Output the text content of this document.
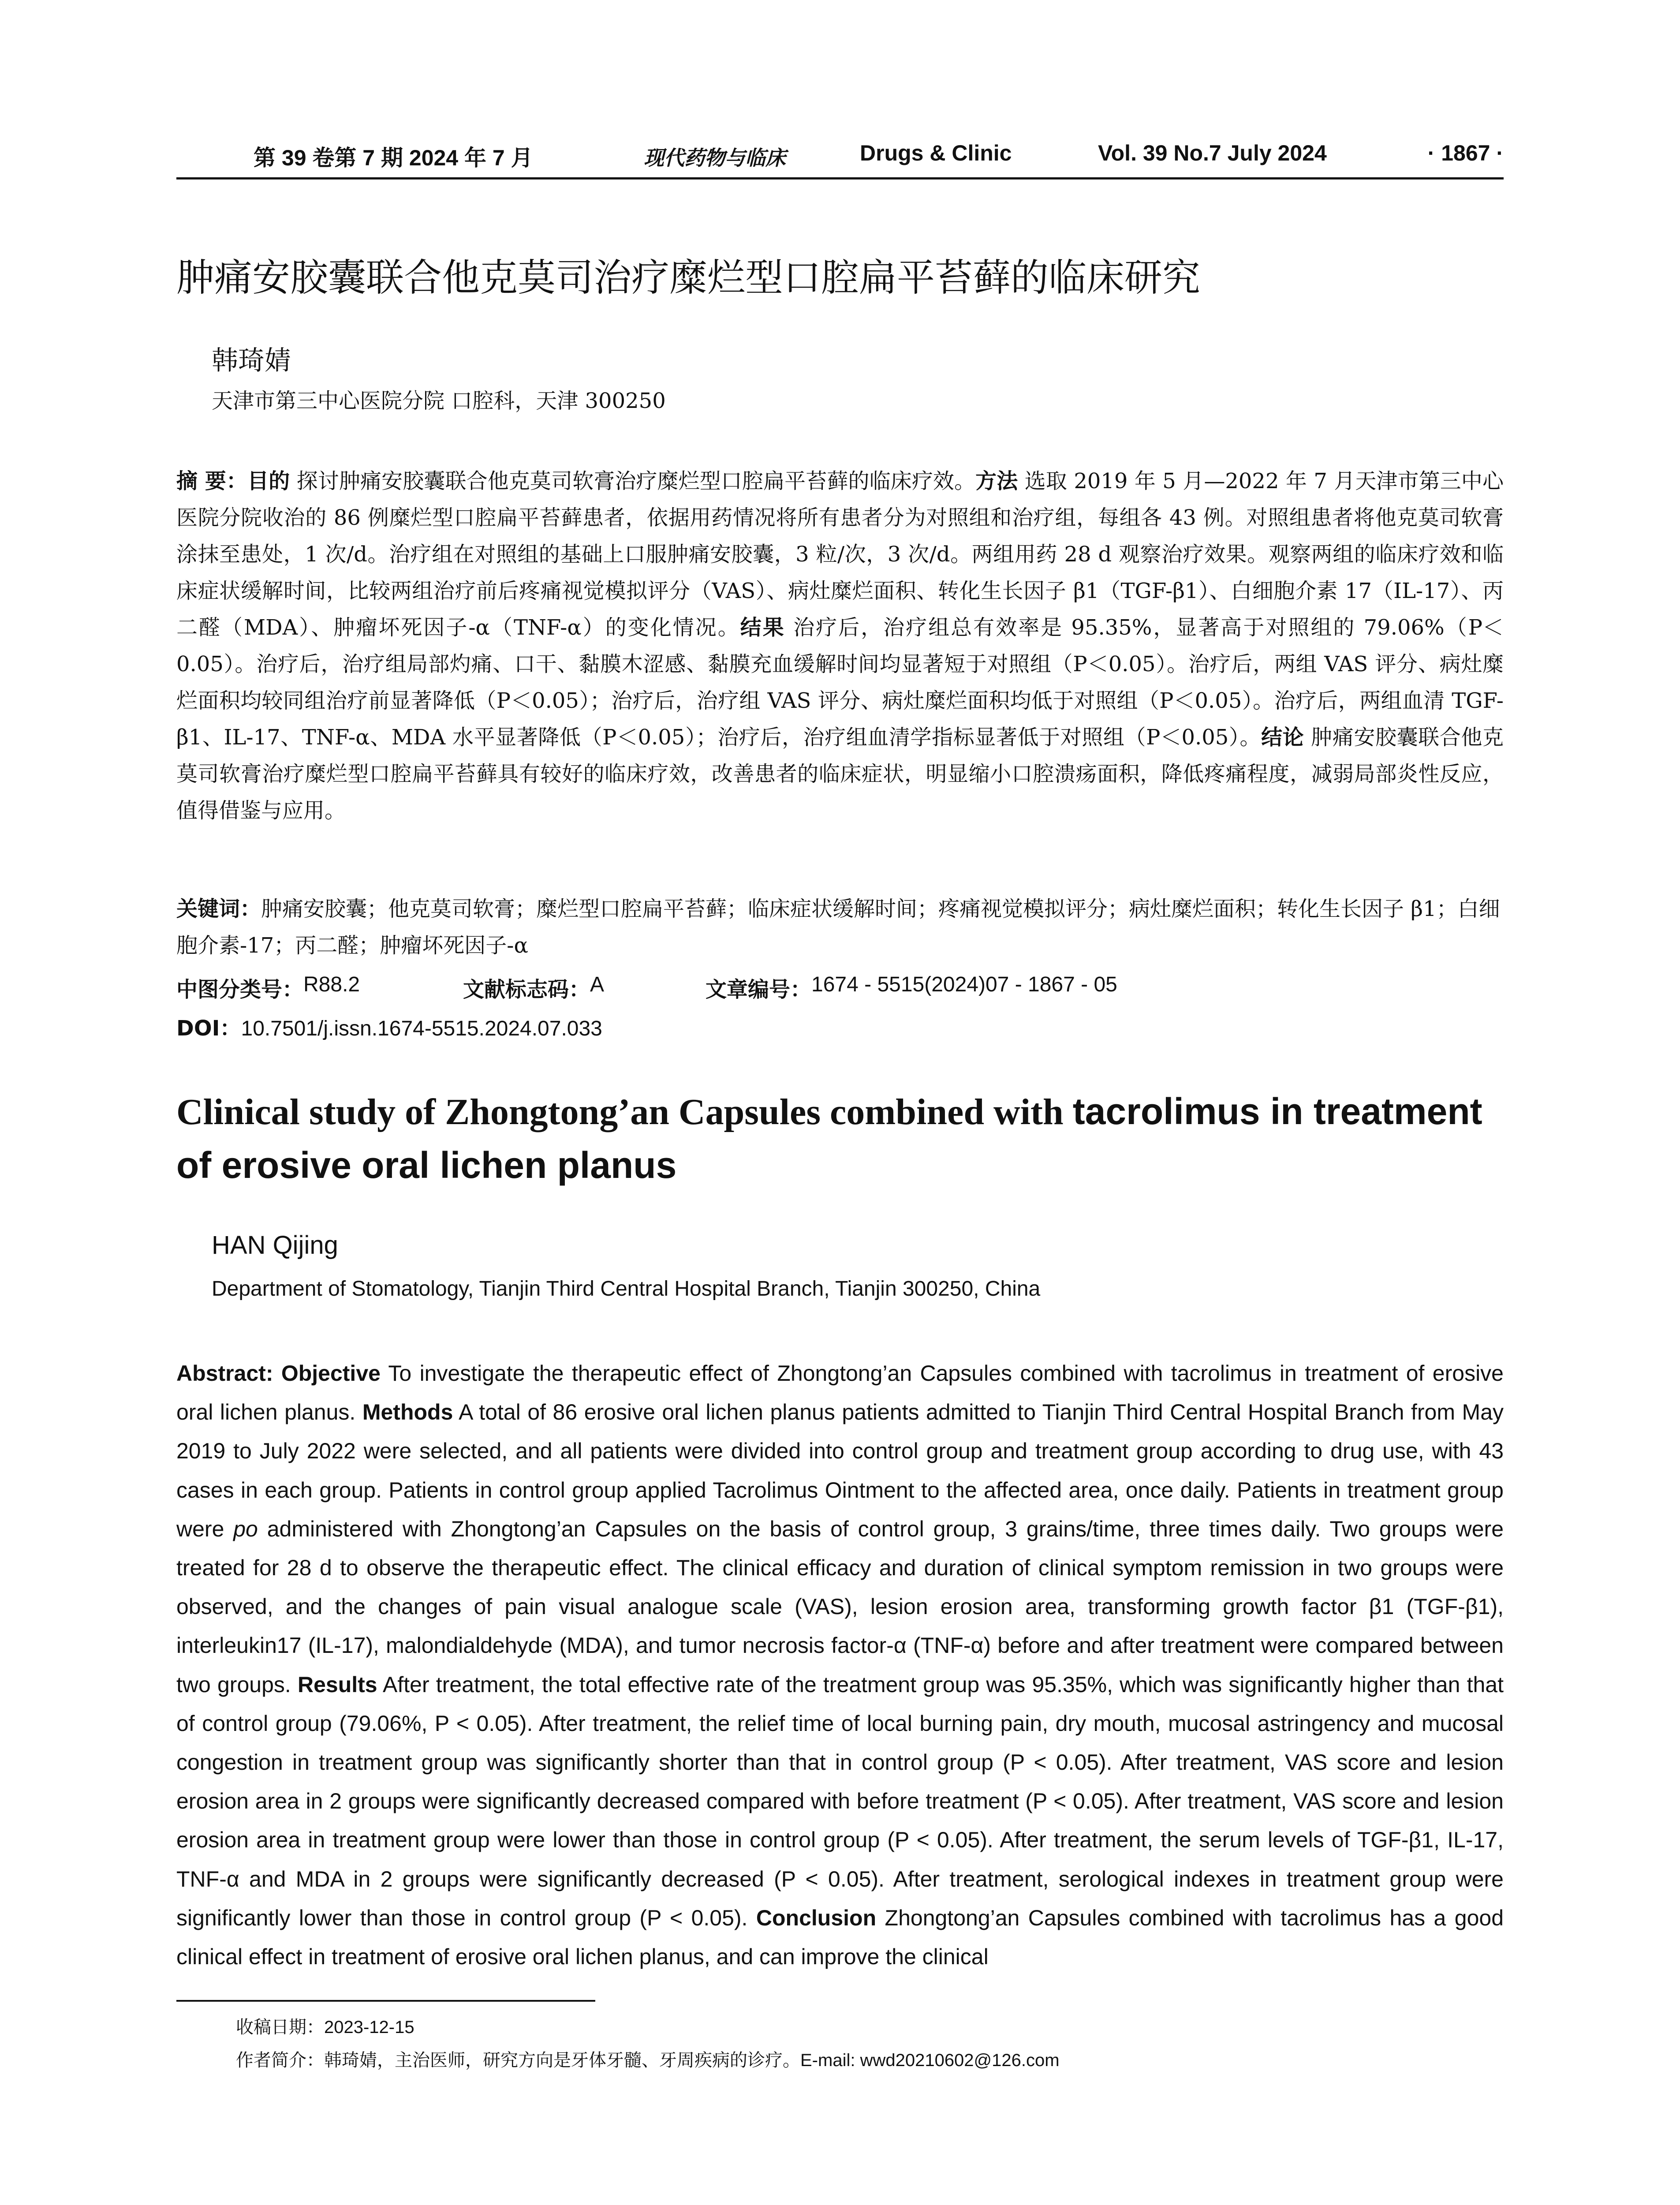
第 39 卷第 7 期 2024 年 7 月	现代药物与临床	Drugs & Clinic	Vol. 39 No.7 July 2024	· 1867 ·
肿痛安胶囊联合他克莫司治疗糜烂型口腔扁平苔藓的临床研究
韩琦婧
天津市第三中心医院分院 口腔科，天津 300250
摘 要：目的 探讨肿痛安胶囊联合他克莫司软膏治疗糜烂型口腔扁平苔藓的临床疗效。方法 选取 2019 年 5 月—2022 年 7 月天津市第三中心医院分院收治的 86 例糜烂型口腔扁平苔藓患者，依据用药情况将所有患者分为对照组和治疗组，每组各 43 例。对照组患者将他克莫司软膏涂抹至患处，1 次/d。治疗组在对照组的基础上口服肿痛安胶囊，3 粒/次，3 次/d。两组用药 28 d 观察治疗效果。观察两组的临床疗效和临床症状缓解时间，比较两组治疗前后疼痛视觉模拟评分（VAS）、病灶糜烂面积、转化生长因子 β1（TGF-β1）、白细胞介素 17（IL-17）、丙二醛（MDA）、肿瘤坏死因子-α（TNF-α）的变化情况。结果 治疗后，治疗组总有效率是 95.35%，显著高于对照组的 79.06%（P＜0.05）。治疗后，治疗组局部灼痛、口干、黏膜木涩感、黏膜充血缓解时间均显著短于对照组（P＜0.05）。治疗后，两组 VAS 评分、病灶糜烂面积均较同组治疗前显著降低（P＜0.05）；治疗后，治疗组 VAS 评分、病灶糜烂面积均低于对照组（P＜0.05）。治疗后，两组血清 TGF-β1、IL-17、TNF-α、MDA 水平显著降低（P＜0.05）；治疗后，治疗组血清学指标显著低于对照组（P＜0.05）。结论 肿痛安胶囊联合他克莫司软膏治疗糜烂型口腔扁平苔藓具有较好的临床疗效，改善患者的临床症状，明显缩小口腔溃疡面积，降低疼痛程度，减弱局部炎性反应，值得借鉴与应用。
关键词：肿痛安胶囊；他克莫司软膏；糜烂型口腔扁平苔藓；临床症状缓解时间；疼痛视觉模拟评分；病灶糜烂面积；转化生长因子 β1；白细胞介素-17；丙二醛；肿瘤坏死因子-α
中图分类号： R88.2	文献标志码： A	文章编号： 1674 - 5515(2024)07 - 1867 - 05
DOI：10.7501/j.issn.1674-5515.2024.07.033
Clinical study of Zhongtong’an Capsules combined with tacrolimus in treatment of erosive oral lichen planus
HAN Qijing
Department of Stomatology, Tianjin Third Central Hospital Branch, Tianjin 300250, China
Abstract: Objective To investigate the therapeutic effect of Zhongtong’an Capsules combined with tacrolimus in treatment of erosive oral lichen planus. Methods A total of 86 erosive oral lichen planus patients admitted to Tianjin Third Central Hospital Branch from May 2019 to July 2022 were selected, and all patients were divided into control group and treatment group according to drug use, with 43 cases in each group. Patients in control group applied Tacrolimus Ointment to the affected area, once daily. Patients in treatment group were po administered with Zhongtong’an Capsules on the basis of control group, 3 grains/time, three times daily. Two groups were treated for 28 d to observe the therapeutic effect. The clinical efficacy and duration of clinical symptom remission in two groups were observed, and the changes of pain visual analogue scale (VAS), lesion erosion area, transforming growth factor β1 (TGF-β1), interleukin17 (IL-17), malondialdehyde (MDA), and tumor necrosis factor-α (TNF-α) before and after treatment were compared between two groups. Results After treatment, the total effective rate of the treatment group was 95.35%, which was significantly higher than that of control group (79.06%, P < 0.05). After treatment, the relief time of local burning pain, dry mouth, mucosal astringency and mucosal congestion in treatment group was significantly shorter than that in control group (P < 0.05). After treatment, VAS score and lesion erosion area in 2 groups were significantly decreased compared with before treatment (P < 0.05). After treatment, VAS score and lesion erosion area in treatment group were lower than those in control group (P < 0.05). After treatment, the serum levels of TGF-β1, IL-17, TNF-α and MDA in 2 groups were significantly decreased (P < 0.05). After treatment, serological indexes in treatment group were significantly lower than those in control group (P < 0.05). Conclusion Zhongtong’an Capsules combined with tacrolimus has a good clinical effect in treatment of erosive oral lichen planus, and can improve the clinical
收稿日期：2023-12-15
作者简介：韩琦婧，主治医师，研究方向是牙体牙髓、牙周疾病的诊疗。E-mail: wwd20210602@126.com
